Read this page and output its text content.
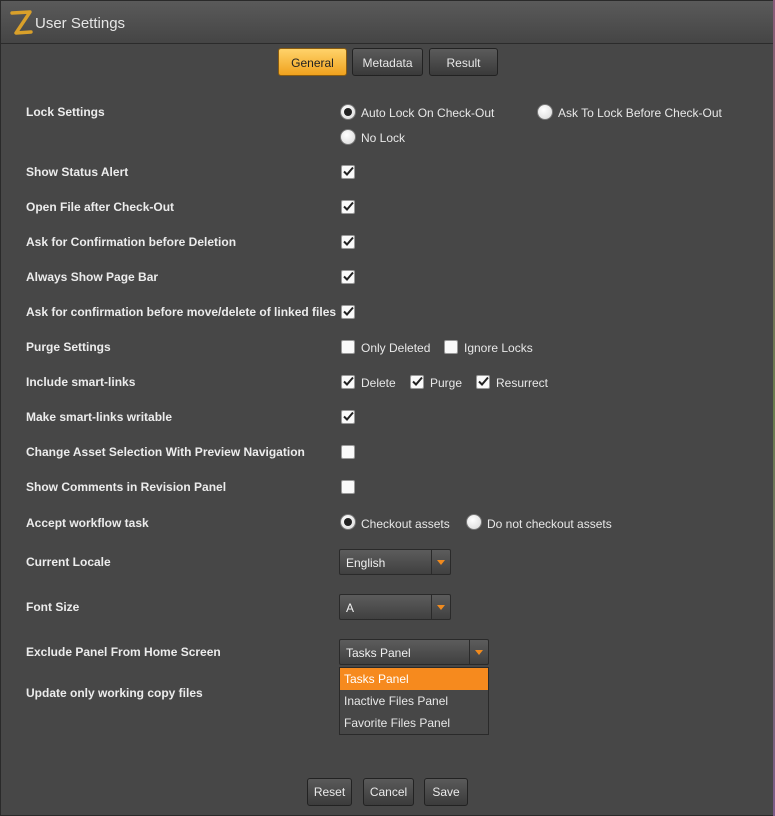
User Settings
General	Metadata	Result
Lock Settings	Auto Lock On Check-Out	Ask To Lock Before Check-Out
No Lock
Show Status Alert
Open File after Check-Out
Ask for Confirmation before Deletion
Always Show Page Bar
Ask for confirmation before move/delete of linked files
Purge Settings	Only Deleted	Ignore Locks
Include smart-links	Delete	Purge	Resurrect
Make smart-links writable
Change Asset Selection With Preview Navigation
Show Comments in Revision Panel
Accept workflow task	Checkout assets	Do not checkout assets
Current Locale	English
Font Size	A
Exclude Panel From Home Screen	Tasks Panel
Update only working copy files
Tasks Panel
Inactive Files Panel
Favorite Files Panel
Reset	Cancel	Save
